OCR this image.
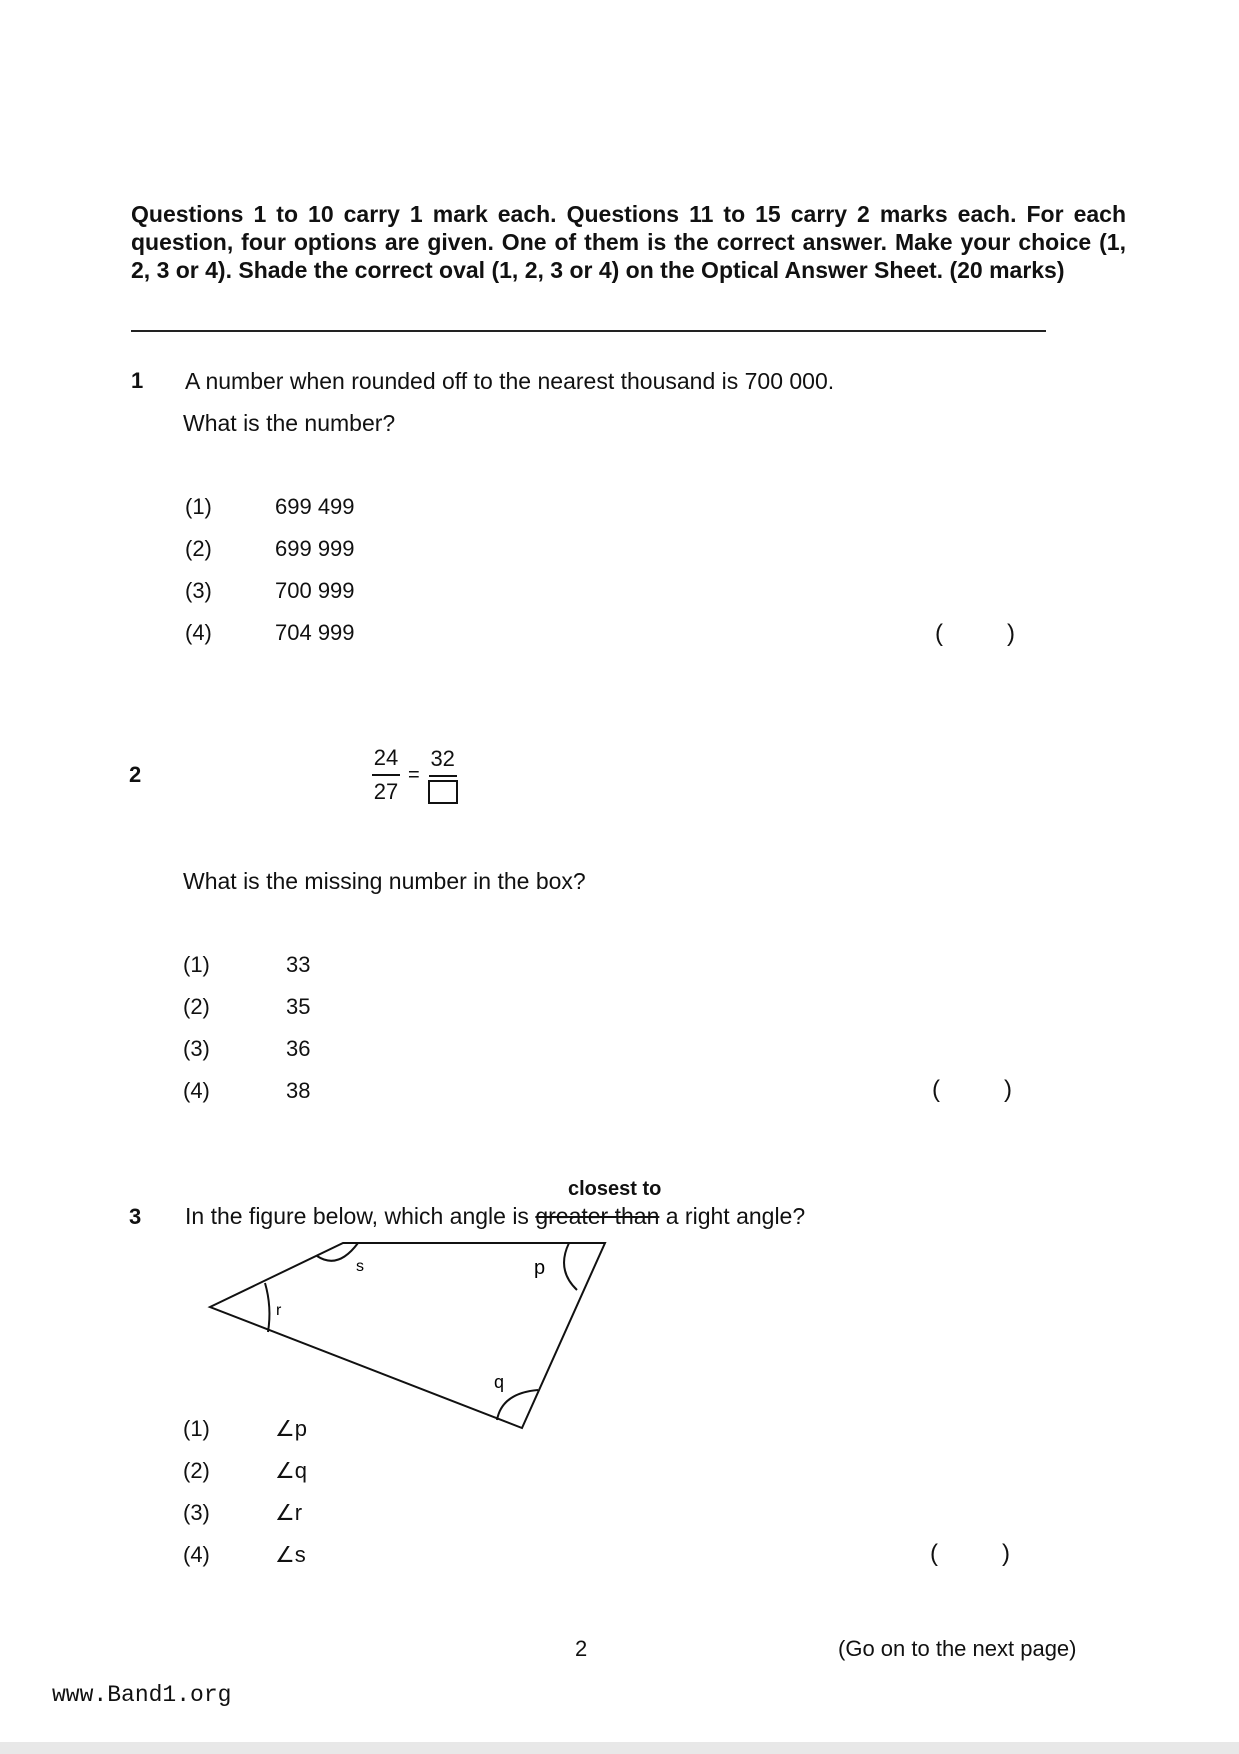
Questions 1 to 10 carry 1 mark each. Questions 11 to 15 carry 2 marks each. For each question, four options are given. One of them is the correct answer. Make your choice (1, 2, 3 or 4). Shade the correct oval (1, 2, 3 or 4) on the Optical Answer Sheet. (20 marks)

1 A number when rounded off to the nearest thousand is 700 000.
What is the number?
(1)	699 499
(2)	699 999
(3)	700 999
(4)	704 999	(	)
2	$\frac{24}{27}$ =
32
What is the missing number in the box?
(1)	33
(2)	35
(3)	36
(4)	38	(	)
closest to
3 In the figure below, which angle is greater than a right angle?
s	p
r
q
(1)	∠p
(2)	∠q
(3)	∠r
(4)	∠s	(	)
2	(Go on to the next page)
www.Band1.org
